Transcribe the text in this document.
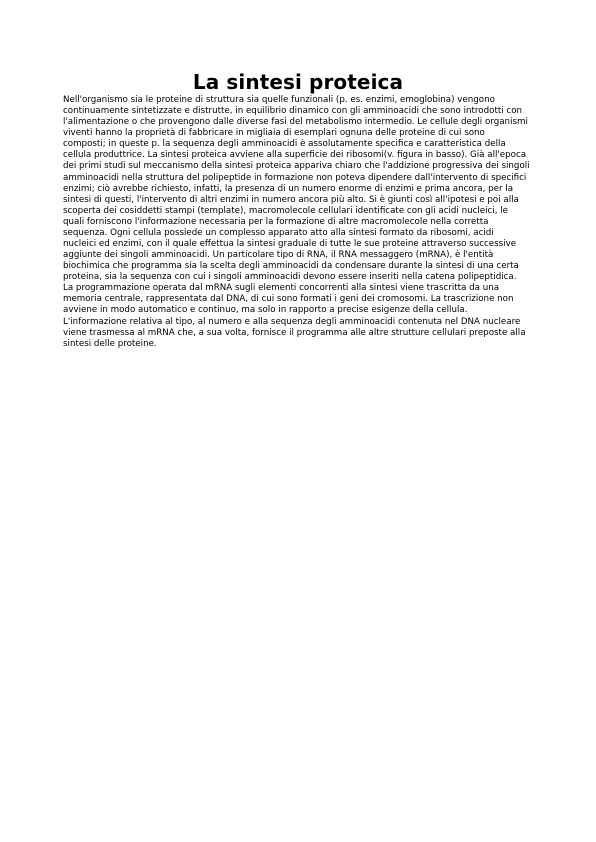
La sintesi proteica
Nell'organismo sia le proteine di struttura sia quelle funzionali (p. es. enzimi, emoglobina) vengono
continuamente sintetizzate e distrutte, in equilibrio dinamico con gli amminoacidi che sono introdotti con
l'alimentazione o che provengono dalle diverse fasi del metabolismo intermedio. Le cellule degli organismi
viventi hanno la proprietà di fabbricare in migliaia di esemplari ognuna delle proteine di cui sono
composti; in queste p. la sequenza degli amminoacidi è assolutamente specifica e caratteristica della
cellula produttrice. La sintesi proteica avviene alla superficie dei ribosomi(v. figura in basso). Già all'epoca
dei primi studi sul meccanismo della sintesi proteica appariva chiaro che l'addizione progressiva dei singoli
amminoacidi nella struttura del polipeptide in formazione non poteva dipendere dall'intervento di specifici
enzimi; ciò avrebbe richiesto, infatti, la presenza di un numero enorme di enzimi e prima ancora, per la
sintesi di questi, l'intervento di altri enzimi in numero ancora più alto. Si è giunti così all'ipotesi e poi alla
scoperta dei cosiddetti stampi (template), macromolecole cellulari identificate con gli acidi nucleici, le
quali forniscono l'informazione necessaria per la formazione di altre macromolecole nella corretta
sequenza. Ogni cellula possiede un complesso apparato atto alla sintesi formato da ribosomi, acidi
nucleici ed enzimi, con il quale effettua la sintesi graduale di tutte le sue proteine attraverso successive
aggiunte dei singoli amminoacidi. Un particolare tipo di RNA, il RNA messaggero (mRNA), è l'entità
biochimica che programma sia la scelta degli amminoacidi da condensare durante la sintesi di una certa
proteina, sia la sequenza con cui i singoli amminoacidi devono essere inseriti nella catena polipeptidica.
La programmazione operata dal mRNA sugli elementi concorrenti alla sintesi viene trascritta da una
memoria centrale, rappresentata dal DNA, di cui sono formati i geni dei cromosomi. La trascrizione non
avviene in modo automatico e continuo, ma solo in rapporto a precise esigenze della cellula.
L'informazione relativa al tipo, al numero e alla sequenza degli amminoacidi contenuta nel DNA nucleare
viene trasmessa al mRNA che, a sua volta, fornisce il programma alle altre strutture cellulari preposte alla
sintesi delle proteine.
